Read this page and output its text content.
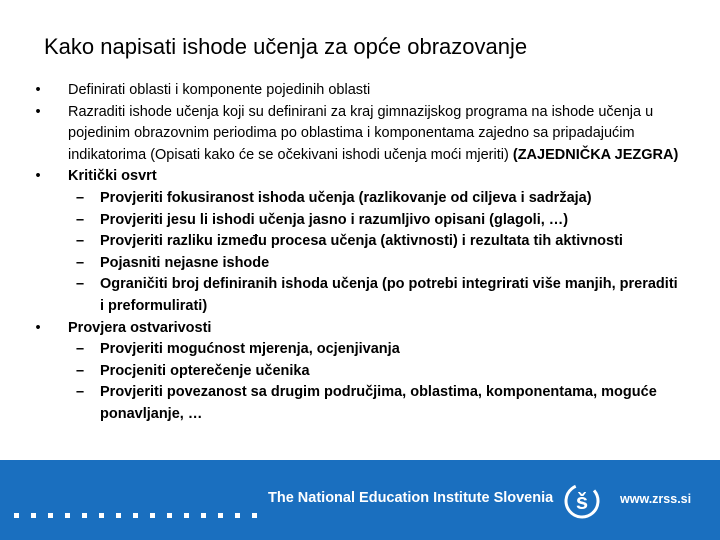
Kako napisati ishode učenja za opće obrazovanje
• Definirati oblasti i komponente pojedinih oblasti
• Razraditi ishode učenja koji su definirani za kraj gimnazijskog programa na ishode učenja u pojedinim obrazovnim periodima po oblastima i komponentama zajedno sa pripadajućim indikatorima (Opisati kako će se očekivani ishodi učenja moći mjeriti) (ZAJEDNIČKA JEZGRA)
• Kritički osvrt
– Provjeriti fokusiranost ishoda učenja (razlikovanje od ciljeva i sadržaja)
– Provjeriti jesu li ishodi učenja jasno i razumljivo opisani (glagoli, …)
– Provjeriti razliku između procesa učenja (aktivnosti) i rezultata tih aktivnosti
– Pojasniti nejasne ishode
– Ograničiti broj definiranih ishoda učenja (po potrebi integrirati više manjih, preraditi i preformulirati)
• Provjera ostvarivosti
– Provjeriti mogućnost mjerenja, ocjenjivanja
– Procjeniti opterečenje učenika
– Provjeriti povezanost sa drugim područjima, oblastima, komponentama, moguće ponavljanje, …
The National Education Institute Slovenia š	www.zrss.si
